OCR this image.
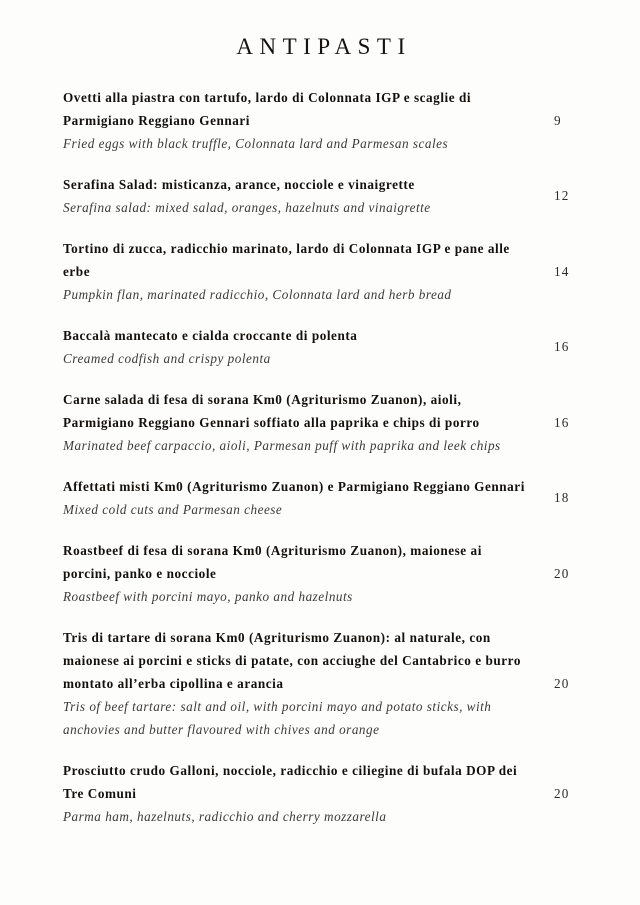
ANTIPASTI
Ovetti alla piastra con tartufo, lardo di Colonnata IGP e scaglie di Parmigiano Reggiano Gennari
Fried eggs with black truffle, Colonnata lard and Parmesan scales
9
Serafina Salad: misticanza, arance, nocciole e vinaigrette
Serafina salad: mixed salad, oranges, hazelnuts and vinaigrette
12
Tortino di zucca, radicchio marinato, lardo di Colonnata IGP e pane alle erbe
Pumpkin flan, marinated radicchio, Colonnata lard and herb bread
14
Baccalà mantecato e cialda croccante di polenta
Creamed codfish and crispy polenta
16
Carne salada di fesa di sorana Km0 (Agriturismo Zuanon), aioli, Parmigiano Reggiano Gennari soffiato alla paprika e chips di porro
Marinated beef carpaccio, aioli, Parmesan puff with paprika and leek chips
16
Affettati misti Km0 (Agriturismo Zuanon) e Parmigiano Reggiano Gennari
Mixed cold cuts and Parmesan cheese
18
Roastbeef di fesa di sorana Km0 (Agriturismo Zuanon), maionese ai porcini, panko e nocciole
Roastbeef with porcini mayo, panko and hazelnuts
20
Tris di tartare di sorana Km0 (Agriturismo Zuanon): al naturale, con maionese ai porcini e sticks di patate, con acciughe del Cantabrico e burro montato all’erba cipollina e arancia
Tris of beef tartare: salt and oil, with porcini mayo and potato sticks, with anchovies and butter flavoured with chives and orange
20
Prosciutto crudo Galloni, nocciole, radicchio e ciliegine di bufala DOP dei Tre Comuni
Parma ham, hazelnuts, radicchio and cherry mozzarella
20
